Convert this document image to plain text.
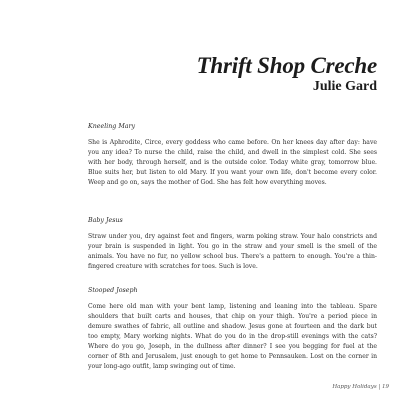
Thrift Shop Creche
Julie Gard

Kneeling Mary

She is Aphrodite, Circe, every goddess who came before. On her knees day after day: have you any idea? To nurse the child, raise the child, and dwell in the simplest cold. She sees with her body, through herself, and is the outside color. Today white gray, tomorrow blue. Blue suits her, but listen to old Mary. If you want your own life, don't become every color. Weep and go on, says the mother of God. She has felt how everything moves.

Baby Jesus

Straw under you, dry against feet and fingers, warm poking straw. Your halo constricts and your brain is suspended in light. You go in the straw and your smell is the smell of the animals. You have no fur, no yellow school bus. There's a pattern to enough. You're a thin-fingered creature with scratches for toes. Such is love.

Stooped Joseph

Come here old man with your bent lamp, listening and leaning into the tableau. Spare shoulders that built carts and houses, that chip on your thigh. You're a period piece in demure swathes of fabric, all outline and shadow. Jesus gone at fourteen and the dark but too empty, Mary working nights. What do you do in the drop-still evenings with the cats? Where do you go, Joseph, in the dullness after dinner? I see you begging for fuel at the corner of 8th and Jerusalem, just enough to get home to Pennsauken. Lost on the corner in your long-ago outfit, lamp swinging out of time.

Happy Holidays | 19
